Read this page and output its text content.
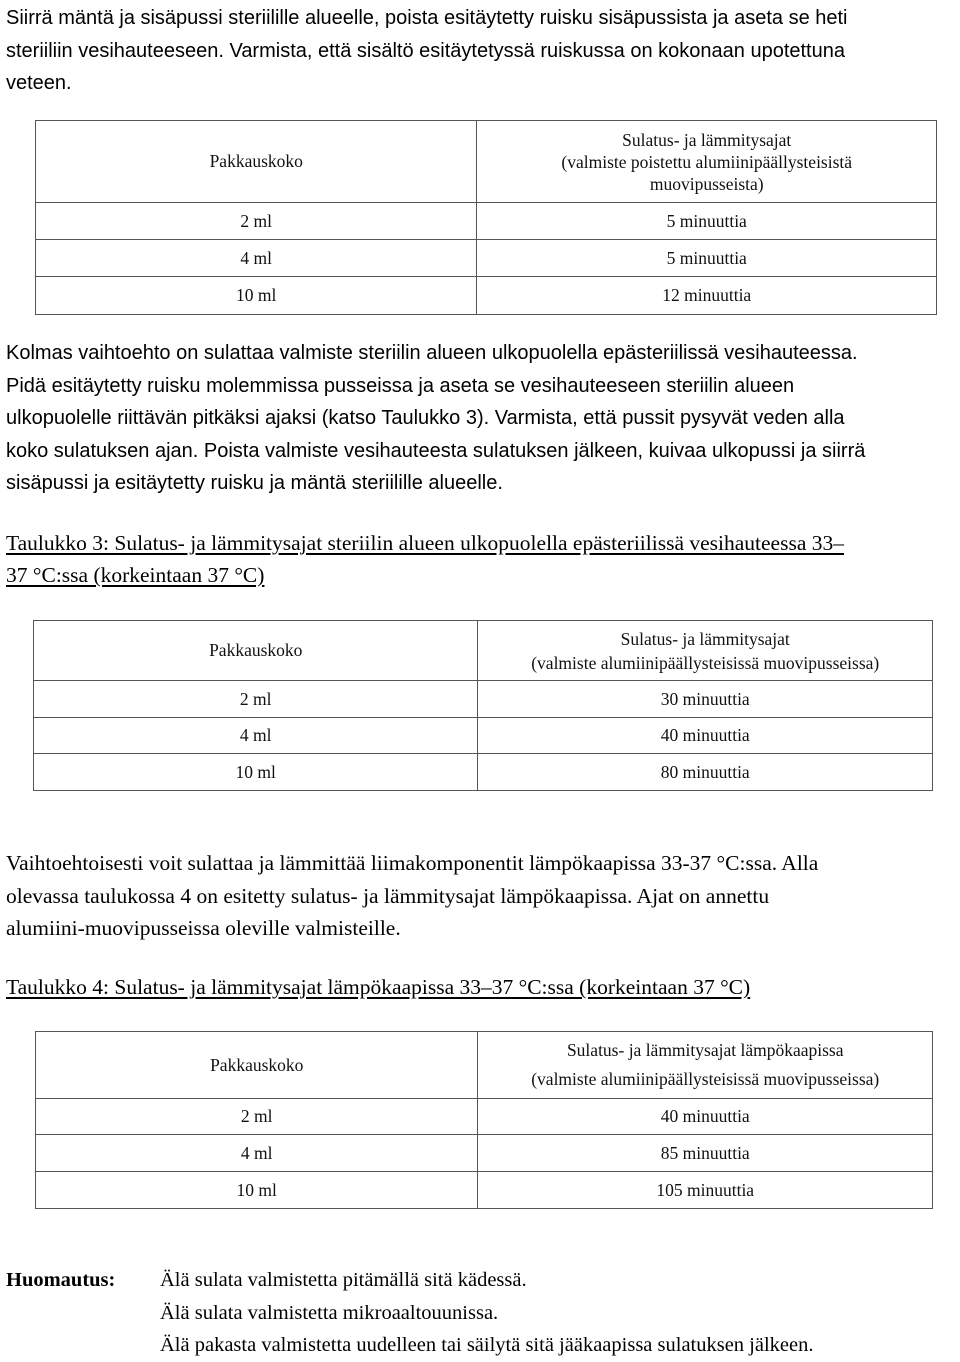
Siirrä mäntä ja sisäpussi steriilille alueelle, poista esitäytetty ruisku sisäpussista ja aseta se heti
steriiliin vesihauteeseen. Varmista, että sisältö esitäytetyssä ruiskussa on kokonaan upotettuna
veteen.
Pakkauskoko	Sulatus- ja lämmitysajat
(valmiste poistettu alumiinipäällysteisistä
muovipusseista)

2 ml	5 minuuttia
4 ml	5 minuuttia
10 ml	12 minuuttia
Kolmas vaihtoehto on sulattaa valmiste steriilin alueen ulkopuolella epästeriilissä vesihauteessa.
Pidä esitäytetty ruisku molemmissa pusseissa ja aseta se vesihauteeseen steriilin alueen
ulkopuolelle riittävän pitkäksi ajaksi (katso Taulukko 3). Varmista, että pussit pysyvät veden alla
koko sulatuksen ajan. Poista valmiste vesihauteesta sulatuksen jälkeen, kuivaa ulkopussi ja siirrä
sisäpussi ja esitäytetty ruisku ja mäntä steriilille alueelle.
Taulukko 3: Sulatus- ja lämmitysajat steriilin alueen ulkopuolella epästeriilissä vesihauteessa 33–
37 °C:ssa (korkeintaan 37 °C)
Pakkauskoko	Sulatus- ja lämmitysajat
(valmiste alumiinipäällysteisissä muovipusseissa)

2 ml	30 minuuttia
4 ml	40 minuuttia
10 ml	80 minuuttia
Vaihtoehtoisesti voit sulattaa ja lämmittää liimakomponentit lämpökaapissa 33-37 °C:ssa. Alla
olevassa taulukossa 4 on esitetty sulatus- ja lämmitysajat lämpökaapissa. Ajat on annettu
alumiini-muovipusseissa oleville valmisteille.
Taulukko 4: Sulatus- ja lämmitysajat lämpökaapissa 33–37 °C:ssa (korkeintaan 37 °C)
Pakkauskoko	Sulatus- ja lämmitysajat lämpökaapissa
(valmiste alumiinipäällysteisissä muovipusseissa)

2 ml	40 minuuttia
4 ml	85 minuuttia
10 ml	105 minuuttia
Huomautus: Älä sulata valmistetta pitämällä sitä kädessä.
Älä sulata valmistetta mikroaaltouunissa.
Älä pakasta valmistetta uudelleen tai säilytä sitä jääkaapissa sulatuksen jälkeen.
